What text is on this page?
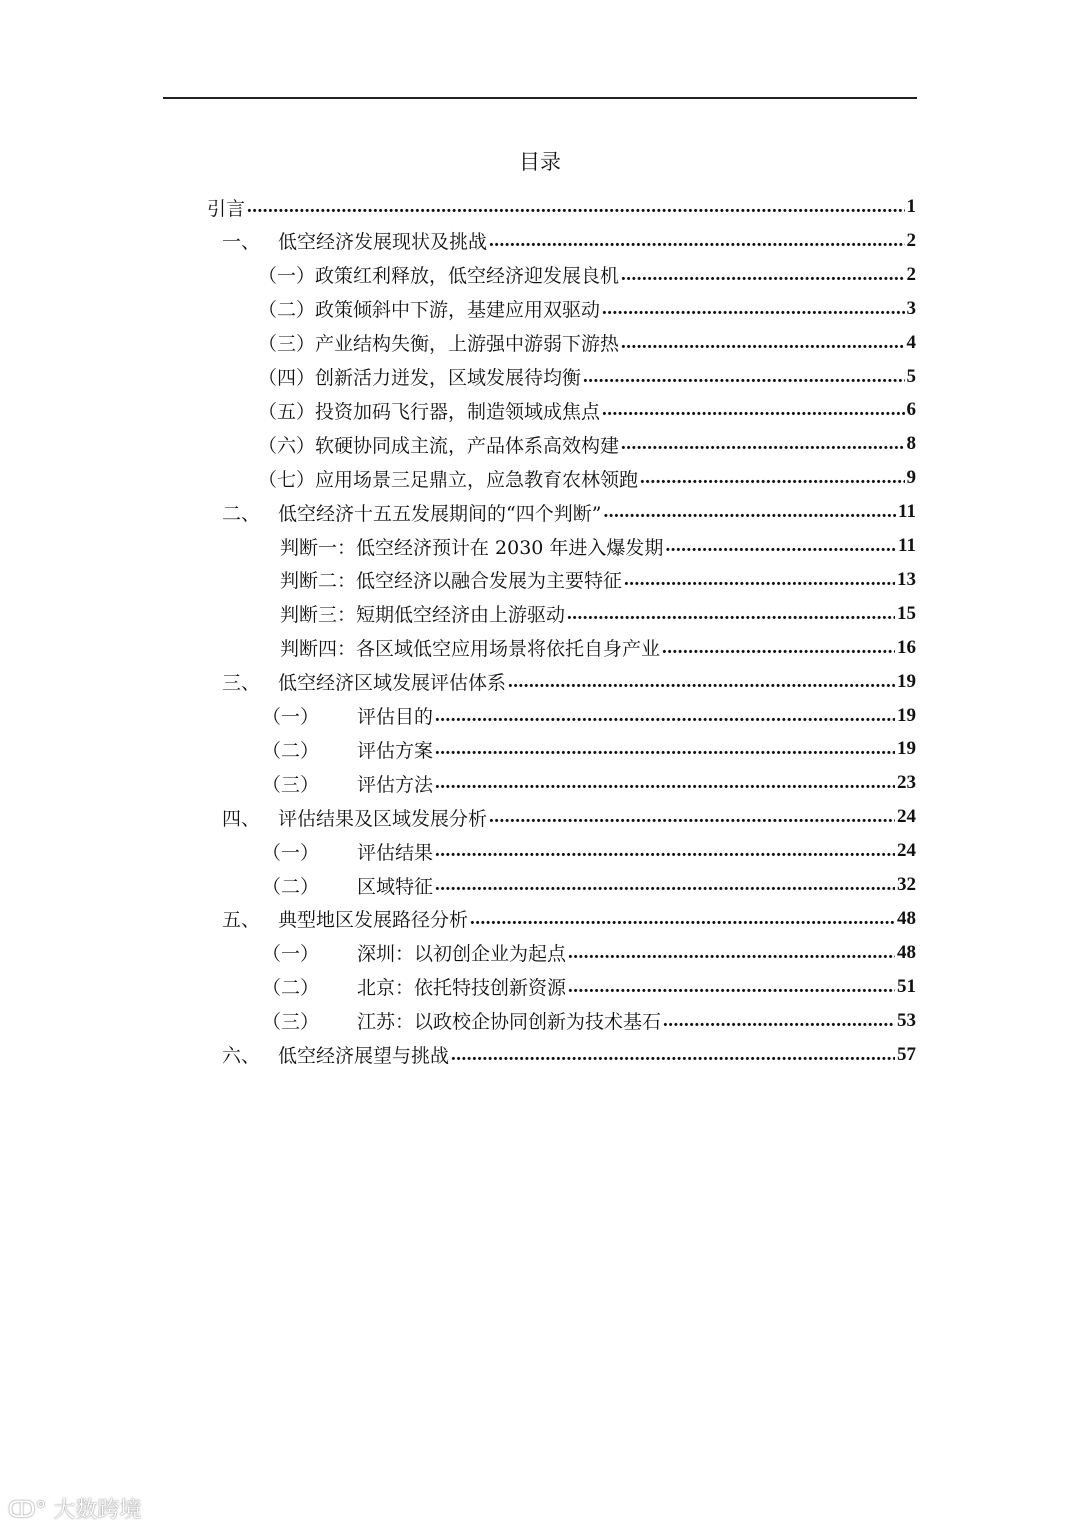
目录
引言 .....	1
一、 低空经济发展现状及挑战 .....	2
（一）政策红利释放，低空经济迎发展良机 .....	2
（二）政策倾斜中下游，基建应用双驱动 .....	3
（三）产业结构失衡，上游强中游弱下游热 .....	4
（四）创新活力迸发，区域发展待均衡 .....	5
（五）投资加码飞行器，制造领域成焦点 .....	6
（六）软硬协同成主流，产品体系高效构建 .....	8
（七）应用场景三足鼎立，应急教育农林领跑 .....	9
二、 低空经济十五五发展期间的“四个判断” .....	11
判断一：低空经济预计在 2030 年进入爆发期 .....	11
判断二：低空经济以融合发展为主要特征 .....	13
判断三：短期低空经济由上游驱动 .....	15
判断四：各区域低空应用场景将依托自身产业 .....	16
三、 低空经济区域发展评估体系 .....	19
（一）	评估目的 .....	19
（二）	评估方案 .....	19
（三）	评估方法 .....	23
四、 评估结果及区域发展分析 .....	24
（一）	评估结果 .....	24
（二）	区域特征 .....	32
五、 典型地区发展路径分析 .....	48
（一）	深圳：以初创企业为起点 .....	48
（二）	北京：依托特技创新资源 .....	51
（三）	江苏：以政校企协同创新为技术基石 .....	53
六、 低空经济展望与挑战 .....	57
ↀ° 大数跨境
